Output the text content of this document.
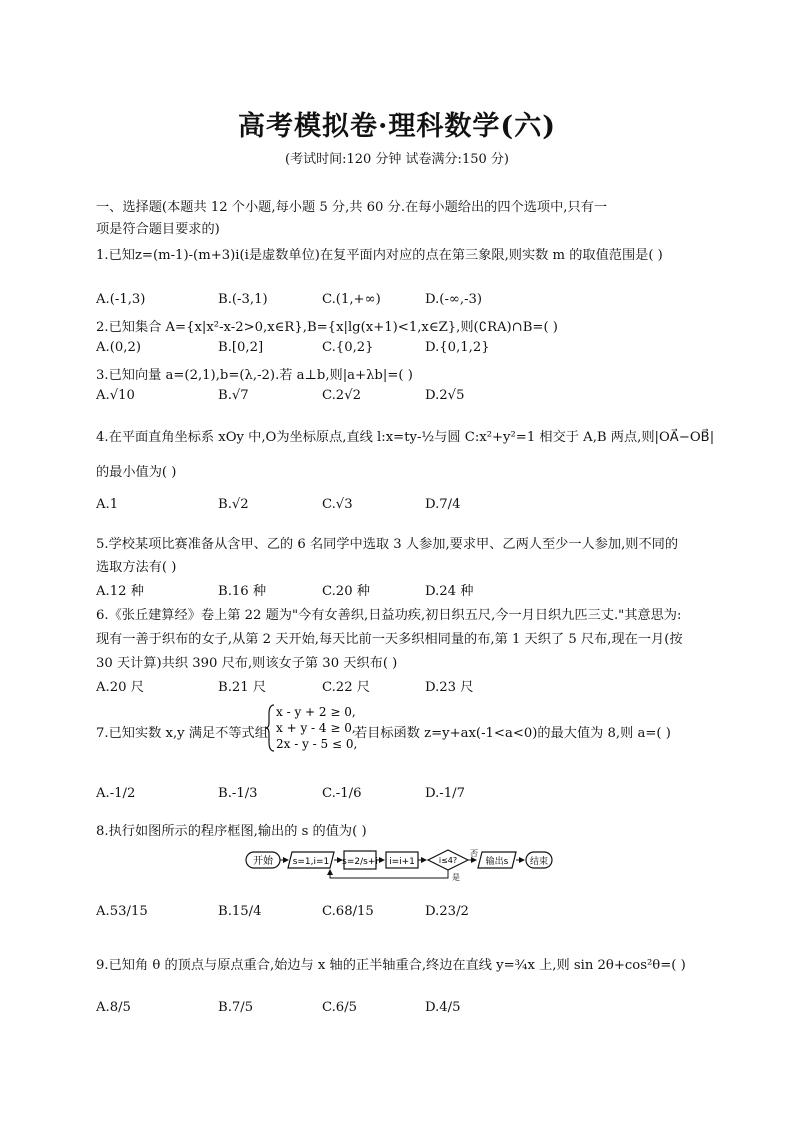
高考模拟卷·理科数学(六)
(考试时间:120 分钟 试卷满分:150 分)
一、选择题(本题共 12 个小题,每小题 5 分,共 60 分.在每小题给出的四个选项中,只有一
项是符合题目要求的)
1.已知z=(m-1)-(m+3)i(i是虚数单位)在复平面内对应的点在第三象限,则实数 m 的取值范围是( )
A.(-1,3)	B.(-3,1)	C.(1,+∞)	D.(-∞,-3)
2.已知集合 A={x|x²-x-2>0,x∈R},B={x|lg(x+1)<1,x∈Z},则(∁RA)∩B=( )
A.(0,2)	B.[0,2]	C.{0,2}	D.{0,1,2}
3.已知向量 a=(2,1),b=(λ,-2).若 a⊥b,则|a+λb|=( )
A.√10	B.√7	C.2√2	D.2√5
4.在平面直角坐标系 xOy 中,O为坐标原点,直线 l:x=ty-½与圆 C:x²+y²=1 相交于 A,B 两点,则|OA⃗−OB⃗|
的最小值为( )
A.1	B.√2	C.√3	D.7/4
5.学校某项比赛准备从含甲、乙的 6 名同学中选取 3 人参加,要求甲、乙两人至少一人参加,则不同的
选取方法有( )
A.12 种	B.16 种	C.20 种	D.24 种
6.《张丘建算经》卷上第 22 题为"今有女善织,日益功疾,初日织五尺,今一月日织九匹三丈."其意思为:
现有一善于织布的女子,从第 2 天开始,每天比前一天多织相同量的布,第 1 天织了 5 尺布,现在一月(按
30 天计算)共织 390 尺布,则该女子第 30 天织布( )
A.20 尺	B.21 尺	C.22 尺	D.23 尺
7.已知实数 x,y 满足不等式组
x - y + 2 ≥ 0,
x + y - 4 ≥ 0,
2x - y - 5 ≤ 0,
若目标函数 z=y+ax(-1<a<0)的最大值为 8,则 a=( )
A.-1/2	B.-1/3	C.-1/6	D.-1/7
8.执行如图所示的程序框图,输出的 s 的值为( )
开始 s=1,i=1 s=2/s+i i=i+1	i≤4?
否
输出s 结束
是
A.53/15	B.15/4	C.68/15	D.23/2
9.已知角 θ 的顶点与原点重合,始边与 x 轴的正半轴重合,终边在直线 y=¾x 上,则 sin 2θ+cos²θ=( )
A.8/5	B.7/5	C.6/5	D.4/5
